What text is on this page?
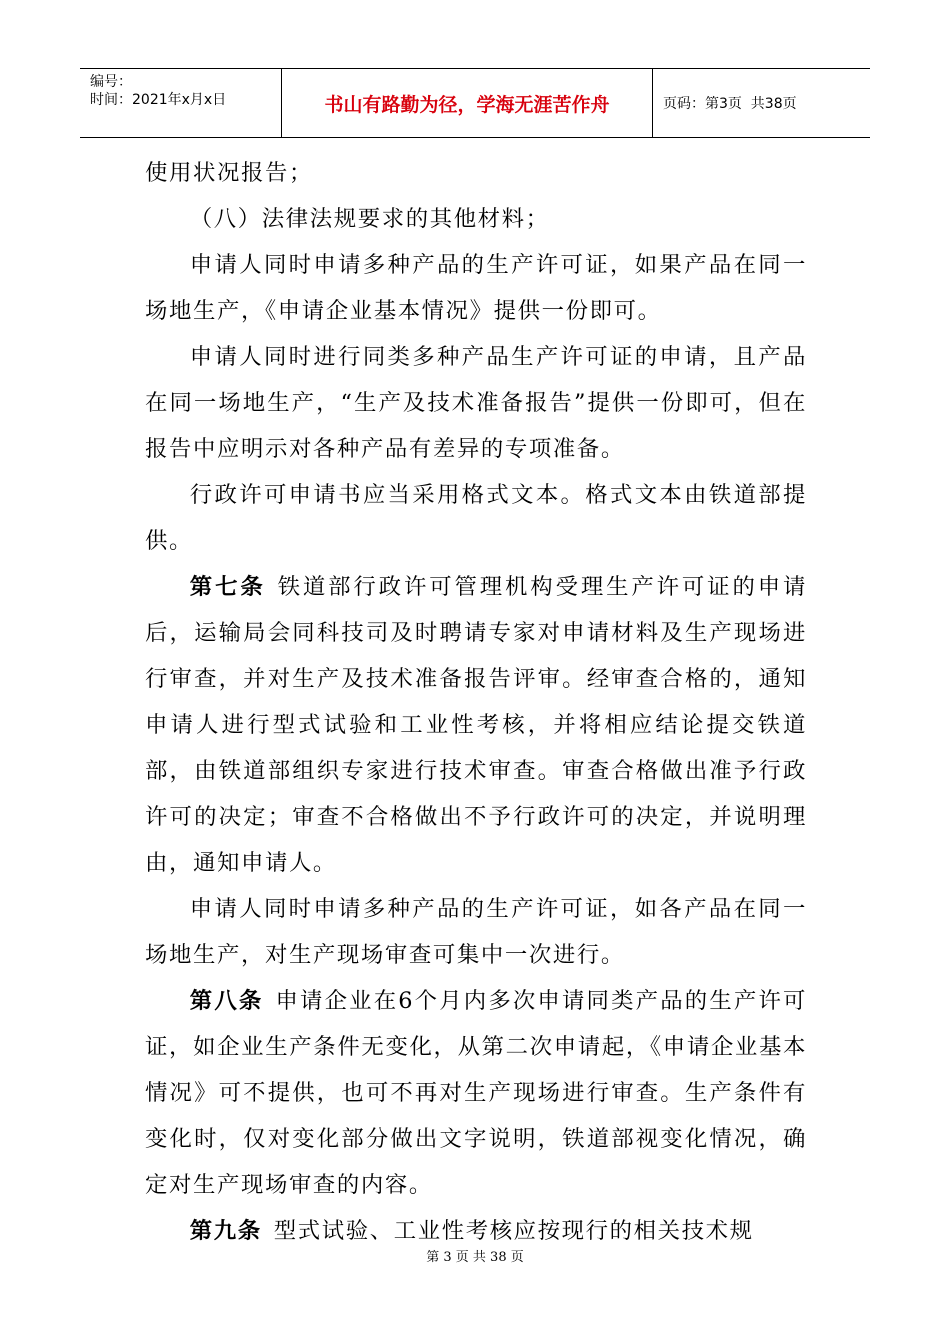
编号：
时间：2021年x月x日	书山有路勤为径，学海无涯苦作舟	页码：第3页  共38页

使用状况报告；

（八）法律法规要求的其他材料；

申请人同时申请多种产品的生产许可证，如果产品在同一场地生产，《申请企业基本情况》提供一份即可。

申请人同时进行同类多种产品生产许可证的申请，且产品在同一场地生产，“生产及技术准备报告”提供一份即可，但在报告中应明示对各种产品有差异的专项准备。

行政许可申请书应当采用格式文本。格式文本由铁道部提供。

第七条 铁道部行政许可管理机构受理生产许可证的申请后，运输局会同科技司及时聘请专家对申请材料及生产现场进行审查，并对生产及技术准备报告评审。经审查合格的，通知申请人进行型式试验和工业性考核，并将相应结论提交铁道部，由铁道部组织专家进行技术审查。审查合格做出准予行政许可的决定；审查不合格做出不予行政许可的决定，并说明理由，通知申请人。

申请人同时申请多种产品的生产许可证，如各产品在同一场地生产，对生产现场审查可集中一次进行。

第八条 申请企业在6个月内多次申请同类产品的生产许可证，如企业生产条件无变化，从第二次申请起，《申请企业基本情况》可不提供，也可不再对生产现场进行审查。生产条件有变化时，仅对变化部分做出文字说明，铁道部视变化情况，确定对生产现场审查的内容。

第九条 型式试验、工业性考核应按现行的相关技术规

第 3 页 共 38 页
